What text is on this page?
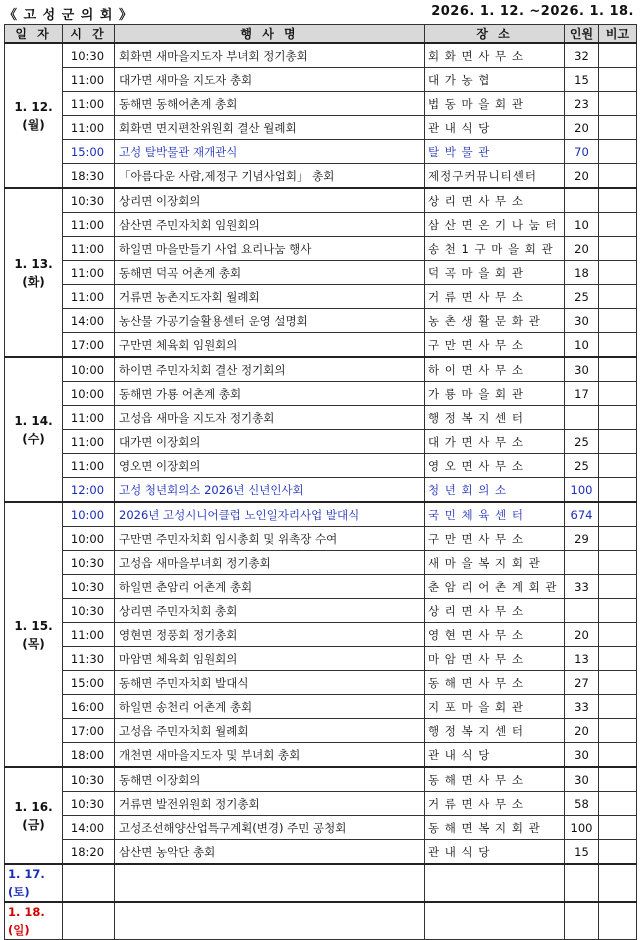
《 고 성 군 의 회 》	2026. 1. 12. ~2026. 1. 18.
일 자	시 간	행 사 명	장 소	인원	비고

1. 12.
(월)	10:30	회화면 새마을지도자 부녀회 정기총회	회 화 면 사 무 소	32	
	11:00	대가면 새마을 지도자 총회	대 가 농 협	15	
	11:00	동해면 동해어촌계 총회	법 동 마 을 회 관	23	
	11:00	회화면 면지편찬위원회 결산 월례회	관 내 식 당	20	
	15:00	고성 탈박물관 재개관식	탈 박 물 관	70	
	18:30	「아름다운 사람,제정구 기념사업회」 총회	제정구커뮤니티센터	20	

1. 13.
(화)	10:30	상리면 이장회의	상 리 면 사 무 소		
	11:00	삼산면 주민자치회 임원회의	삼 산 면 온 기 나 눔 터	10	
	11:00	하일면 마을만들기 사업 요리나눔 행사	송 천 1 구 마 을 회 관	20	
	11:00	동해면 덕곡 어촌계 총회	덕 곡 마 을 회 관	18	
	11:00	거류면 농촌지도자회 월례회	거 류 면 사 무 소	25	
	14:00	농산물 가공기술활용센터 운영 설명회	농 촌 생 활 문 화 관	30	
	17:00	구만면 체육회 임원회의	구 만 면 사 무 소	10	

1. 14.
(수)	10:00	하이면 주민자치회 결산 정기회의	하 이 면 사 무 소	30	
	10:00	동해면 가룡 어촌계 총회	가 룡 마 을 회 관	17	
	11:00	고성읍 새마을 지도자 정기총회	행 정 복 지 센 터		
	11:00	대가면 이장회의	대 가 면 사 무 소	25	
	11:00	영오면 이장회의	영 오 면 사 무 소	25	
	12:00	고성 청년회의소 2026년 신년인사회	청 년 회 의 소	100	

1. 15.
(목)	10:00	2026년 고성시니어클럽 노인일자리사업 발대식	국 민 체 육 센 터	674	
	10:00	구만면 주민자치회 임시총회 및 위촉장 수여	구 만 면 사 무 소	29	
	10:30	고성읍 새마을부녀회 정기총회	새 마 을 복 지 회 관		
	10:30	하일면 춘암리 어촌계 총회	춘 암 리 어 촌 계 회 관	33	
	10:30	상리면 주민자치회 총회	상 리 면 사 무 소		
	11:00	영현면 정풍회 정기총회	영 현 면 사 무 소	20	
	11:30	마암면 체육회 임원회의	마 암 면 사 무 소	13	
	15:00	동해면 주민자치회 발대식	동 해 면 사 무 소	27	
	16:00	하일면 송천리 어촌계 총회	지 포 마 을 회 관	33	
	17:00	고성읍 주민자치회 월례회	행 정 복 지 센 터	20	
	18:00	개천면 새마을지도자 및 부녀회 총회	관 내 식 당	30	

1. 16.
(금)	10:30	동해면 이장회의	동 해 면 사 무 소	30	
	10:30	거류면 발전위원회 정기총회	거 류 면 사 무 소	58	
	14:00	고성조선해양산업특구계획(변경) 주민 공청회	동 해 면 복 지 회 관	100	
	18:20	삼산면 농악단 총회	관 내 식 당	15	
1. 17.(토)					
1. 18.(일)					
